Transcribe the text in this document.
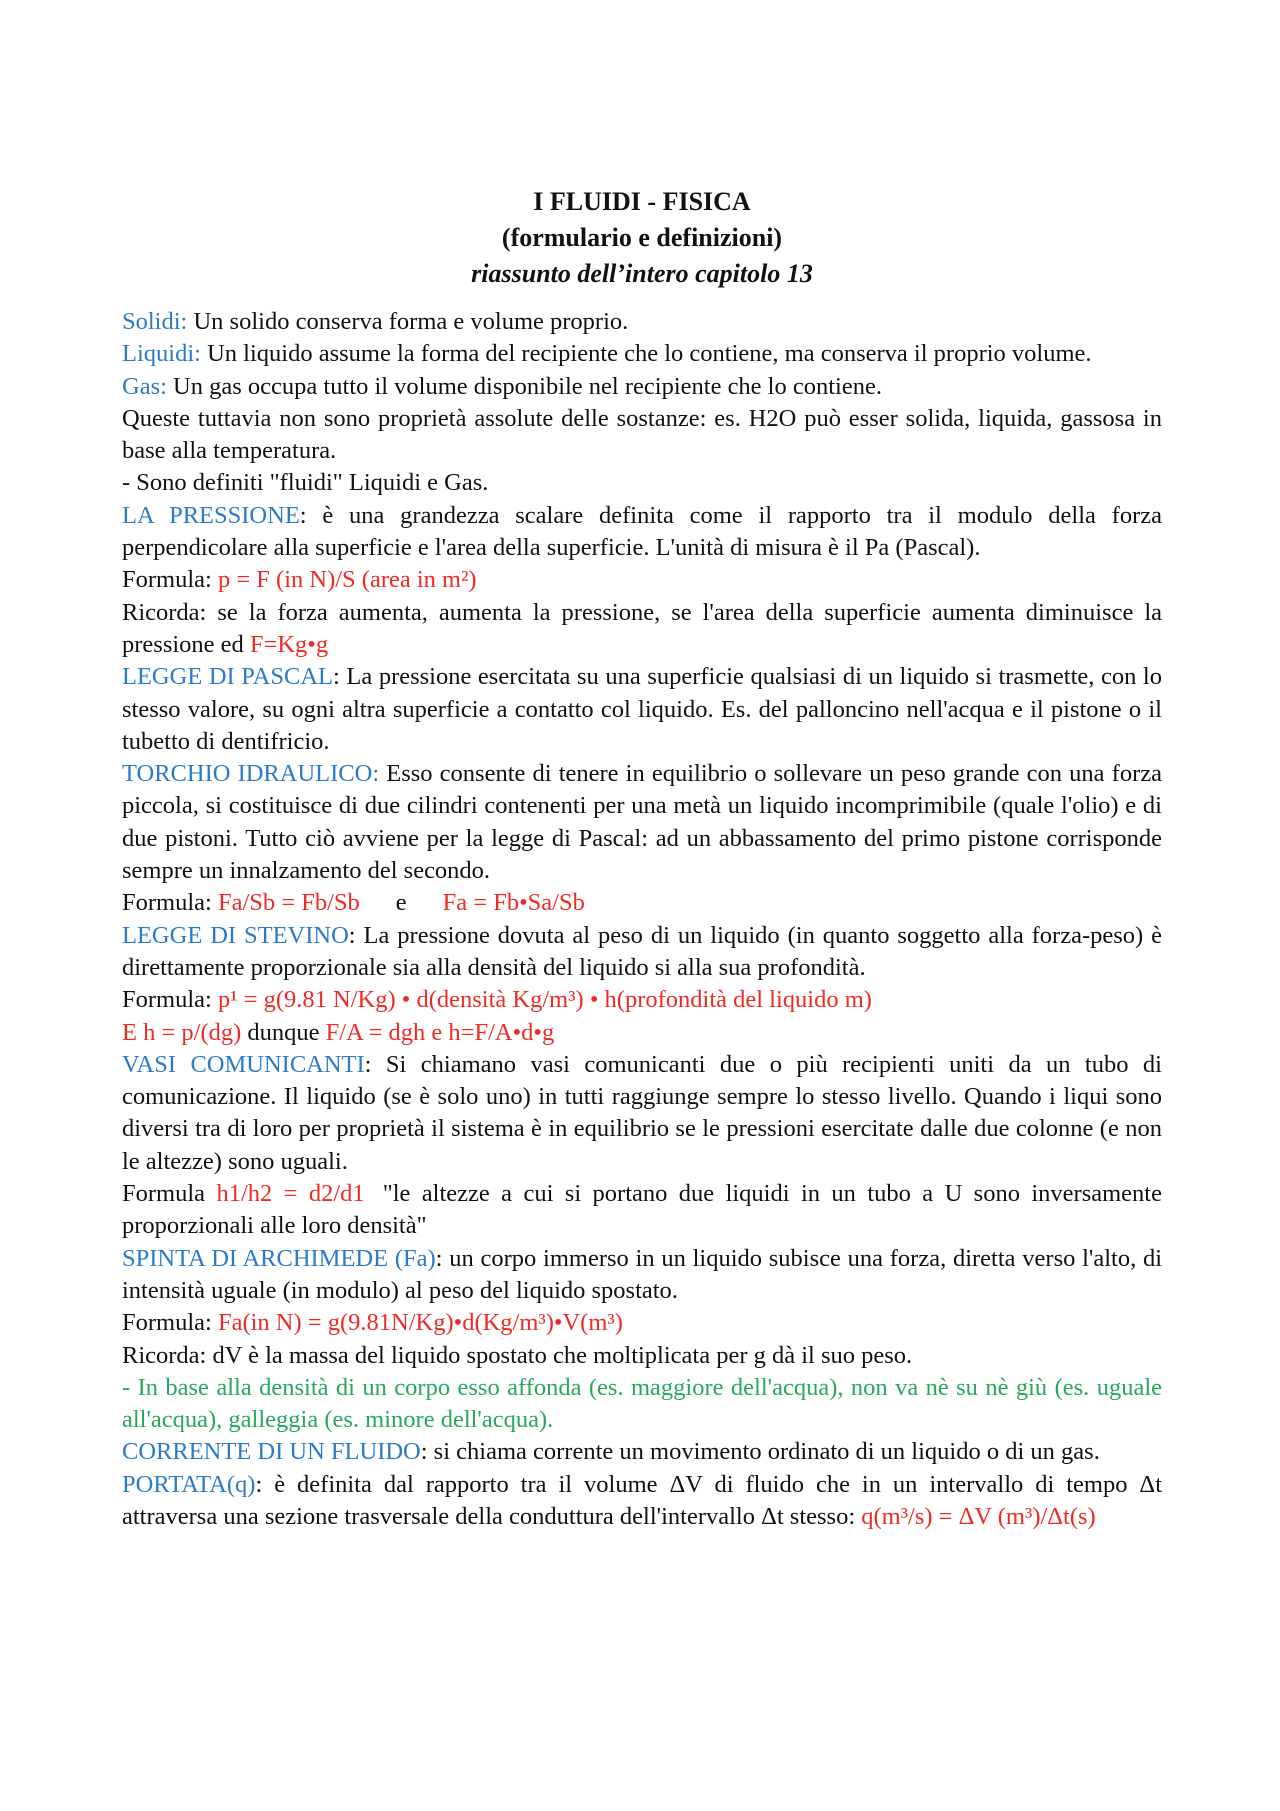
I FLUIDI - FISICA
(formulario e definizioni)
riassunto dell’intero capitolo 13

Solidi: Un solido conserva forma e volume proprio.

Liquidi: Un liquido assume la forma del recipiente che lo contiene, ma conserva il proprio volume.

Gas: Un gas occupa tutto il volume disponibile nel recipiente che lo contiene.

Queste tuttavia non sono proprietà assolute delle sostanze: es. H2O può esser solida, liquida, gassosa in base alla temperatura.

- Sono definiti "fluidi" Liquidi e Gas.

LA PRESSIONE: è una grandezza scalare definita come il rapporto tra il modulo della forza perpendicolare alla superficie e l'area della superficie. L'unità di misura è il Pa (Pascal).

Formula: p = F (in N)/S (area in m²)

Ricorda: se la forza aumenta, aumenta la pressione, se l'area della superficie aumenta diminuisce la pressione ed F=Kg•g

LEGGE DI PASCAL: La pressione esercitata su una superficie qualsiasi di un liquido si trasmette, con lo stesso valore, su ogni altra superficie a contatto col liquido. Es. del palloncino nell'acqua e il pistone o il tubetto di dentifricio.

TORCHIO IDRAULICO: Esso consente di tenere in equilibrio o sollevare un peso grande con una forza piccola, si costituisce di due cilindri contenenti per una metà un liquido incomprimibile (quale l'olio) e di due pistoni. Tutto ciò avviene per la legge di Pascal: ad un abbassamento del primo pistone corrisponde sempre un innalzamento del secondo.

Formula: Fa/Sb = Fb/Sb e Fa = Fb•Sa/Sb

LEGGE DI STEVINO: La pressione dovuta al peso di un liquido (in quanto soggetto alla forza-peso) è direttamente proporzionale sia alla densità del liquido si alla sua profondità.

Formula: p¹ = g(9.81 N/Kg) • d(densità Kg/m³) • h(profondità del liquido m)

E h = p/(dg) dunque F/A = dgh e h=F/A•d•g

VASI COMUNICANTI: Si chiamano vasi comunicanti due o più recipienti uniti da un tubo di comunicazione. Il liquido (se è solo uno) in tutti raggiunge sempre lo stesso livello. Quando i liqui sono diversi tra di loro per proprietà il sistema è in equilibrio se le pressioni esercitate dalle due colonne (e non le altezze) sono uguali.

Formula h1/h2 = d2/d1 "le altezze a cui si portano due liquidi in un tubo a U sono inversamente proporzionali alle loro densità"

SPINTA DI ARCHIMEDE (Fa): un corpo immerso in un liquido subisce una forza, diretta verso l'alto, di intensità uguale (in modulo) al peso del liquido spostato.

Formula: Fa(in N) = g(9.81N/Kg)•d(Kg/m³)•V(m³)

Ricorda: dV è la massa del liquido spostato che moltiplicata per g dà il suo peso.

- In base alla densità di un corpo esso affonda (es. maggiore dell'acqua), non va nè su nè giù (es. uguale all'acqua), galleggia (es. minore dell'acqua).

CORRENTE DI UN FLUIDO: si chiama corrente un movimento ordinato di un liquido o di un gas.

PORTATA(q): è definita dal rapporto tra il volume ΔV di fluido che in un intervallo di tempo Δt attraversa una sezione trasversale della conduttura dell'intervallo Δt stesso: q(m³/s) = ΔV (m³)/Δt(s)
